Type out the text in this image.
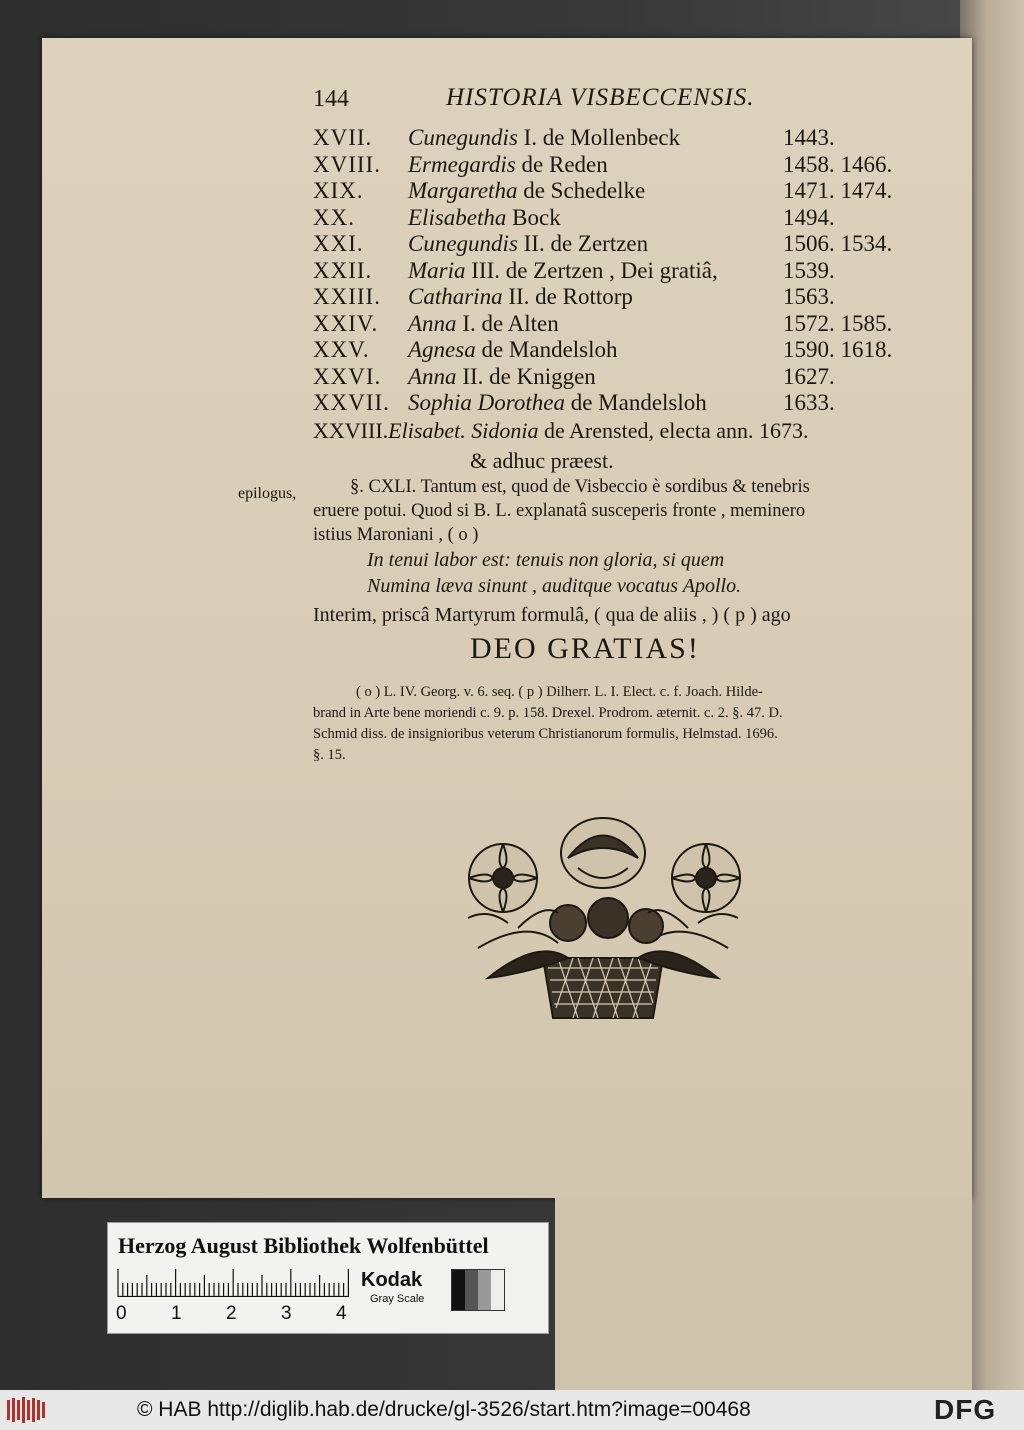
144	HISTORIA VISBECCENSIS.
XVII.	Cunegundis I. de Mollenbeck	1443.
XVIII.	Ermegardis de Reden	1458. 1466.
XIX.	Margaretha de Schedelke	1471. 1474.
XX.	Elisabetha Bock	1494.
XXI.	Cunegundis II. de Zertzen	1506. 1534.
XXII.	Maria III. de Zertzen , Dei gratiâ,	1539.
XXIII.	Catharina II. de Rottorp	1563.
XXIV.	Anna I. de Alten	1572. 1585.
XXV.	Agnesa de Mandelsloh	1590. 1618.
XXVI.	Anna II. de Kniggen	1627.
XXVII. Sophia Dorothea de Mandelsloh	1633.
XXVIII.Elisabet. Sidonia de Arensted, electa ann. 1673.
& adhuc præest.
epilogus,	§. CXLI. Tantum est, quod de Visbeccio è sordibus & tenebris
eruere potui. Quod si B. L. explanatâ susceperis fronte , meminero
istius Maroniani , ( o )
In tenui labor est: tenuis non gloria, si quem
Numina læva sinunt , auditque vocatus Apollo.
Interim, priscâ Martyrum formulâ, ( qua de aliis , ) ( p ) ago
DEO GRATIAS!
( o ) L. IV. Georg. v. 6. seq. ( p ) Dilherr. L. I. Elect. c. f. Joach. Hilde-
brand in Arte bene moriendi c. 9. p. 158. Drexel. Prodrom. æternit. c. 2. §. 47. D.
Schmid diss. de insignioribus veterum Christianorum formulis, Helmstad. 1696.
§. 15.
Herzog August Bibliothek Wolfenbüttel
0 1 2 3 4
Kodak
Gray Scale
© HAB http://diglib.hab.de/drucke/gl-3526/start.htm?image=00468	DFG
